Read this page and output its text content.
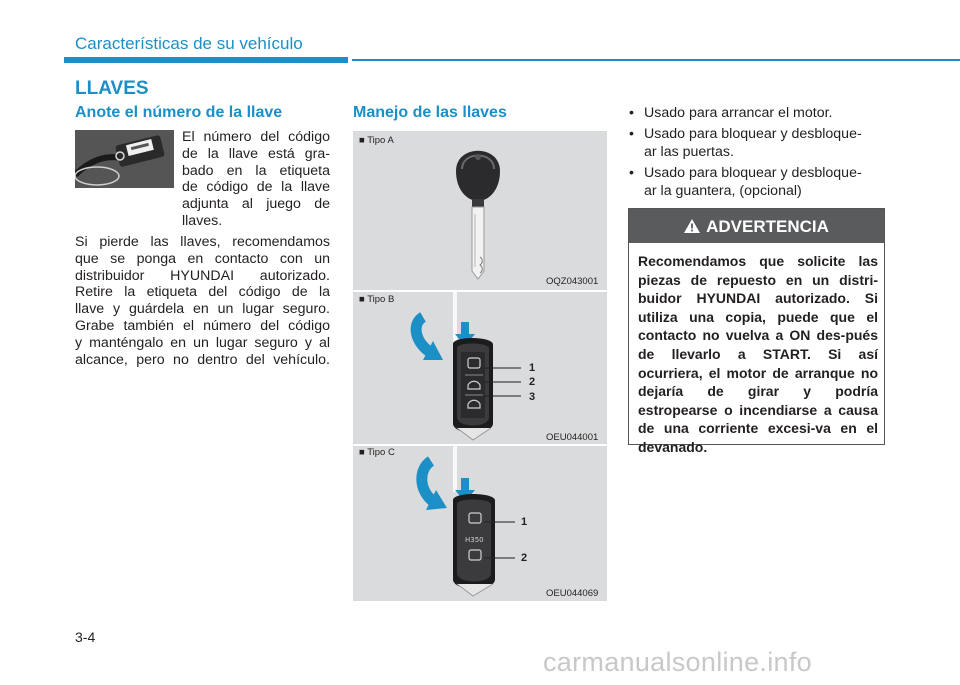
Características de su vehículo
LLAVES
Anote el número de la llave
El número del código
de la llave está gra-
bado en la etiqueta
de código de la llave
adjunta al juego de
llaves.
Si pierde las llaves, recomendamos
que se ponga en contacto con un
distribuidor HYUNDAI autorizado.
Retire la etiqueta del código de la
llave y guárdela en un lugar seguro.
Grabe también el número del código
y manténgalo en un lugar seguro y al
alcance, pero no dentro del vehículo.
Manejo de las llaves
■ Tipo A
OQZ043001
■ Tipo B
1
2
3
OEU044001
■ Tipo C
H350
1
2
OEU044069
• Usado para arrancar el motor.
• Usado para bloquear y desbloque-
ar las puertas.
• Usado para bloquear y desbloque-
ar la guantera, (opcional)
ADVERTENCIA
Recomendamos que solicite las piezas de repuesto en un distri-buidor HYUNDAI autorizado. Si utiliza una copia, puede que el contacto no vuelva a ON des-pués de llevarlo a START. Si así ocurriera, el motor de arranque no dejaría de girar y podría estropearse o incendiarse a causa de una corriente excesi-va en el devanado.
3-4
carmanualsonline.info
